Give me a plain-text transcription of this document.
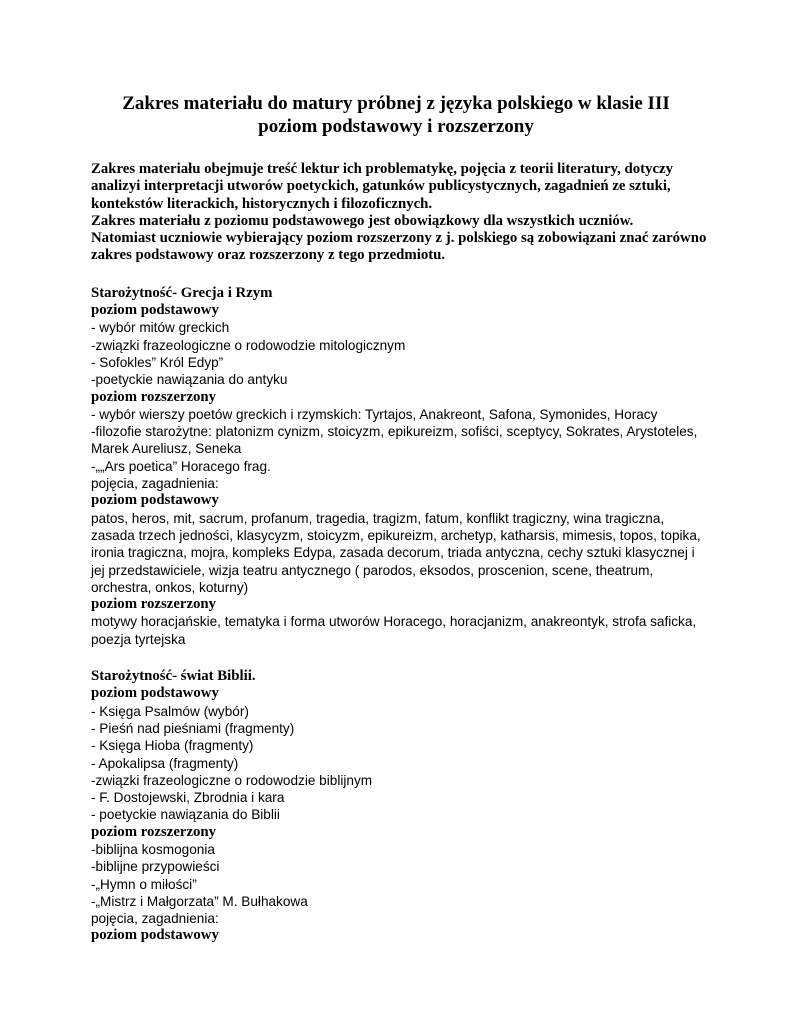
Zakres materiału do matury próbnej z języka polskiego w klasie III
poziom podstawowy i rozszerzony
Zakres materiału obejmuje treść lektur ich problematykę, pojęcia z teorii literatury, dotyczy
analizyi interpretacji utworów poetyckich, gatunków publicystycznych, zagadnień ze sztuki,
kontekstów literackich, historycznych i filozoficznych.
Zakres materiału z poziomu podstawowego jest obowiązkowy dla wszystkich uczniów.
Natomiast uczniowie wybierający poziom rozszerzony z j. polskiego są zobowiązani znać zarówno
zakres podstawowy oraz rozszerzony z tego przedmiotu.
Starożytność- Grecja i Rzym
poziom podstawowy
- wybór mitów greckich
-związki frazeologiczne o rodowodzie mitologicznym
- Sofokles” Król Edyp”
-poetyckie nawiązania do antyku
poziom rozszerzony
- wybór wierszy poetów greckich i rzymskich: Tyrtajos, Anakreont, Safona, Symonides, Horacy
-filozofie starożytne: platonizm cynizm, stoicyzm, epikureizm, sofiści, sceptycy, Sokrates, Arystoteles,
Marek Aureliusz, Seneka
-„„Ars poetica” Horacego frag.
pojęcia, zagadnienia:
poziom podstawowy
patos, heros, mit, sacrum, profanum, tragedia, tragizm, fatum, konflikt tragiczny, wina tragiczna,
zasada trzech jedności, klasycyzm, stoicyzm, epikureizm, archetyp, katharsis, mimesis, topos, topika,
ironia tragiczna, mojra, kompleks Edypa, zasada decorum, triada antyczna, cechy sztuki klasycznej i
jej przedstawiciele, wizja teatru antycznego ( parodos, eksodos, proscenion, scene, theatrum,
orchestra, onkos, koturny)
poziom rozszerzony
motywy horacjańskie, tematyka i forma utworów Horacego, horacjanizm, anakreontyk, strofa saficka,
poezja tyrtejska
Starożytność- świat Biblii.
poziom podstawowy
- Księga Psalmów (wybór)
- Pieśń nad pieśniami (fragmenty)
- Księga Hioba (fragmenty)
- Apokalipsa (fragmenty)
-związki frazeologiczne o rodowodzie biblijnym
- F. Dostojewski, Zbrodnia i kara
- poetyckie nawiązania do Biblii
poziom rozszerzony
-biblijna kosmogonia
-biblijne przypowieści
-„Hymn o miłości”
-„Mistrz i Małgorzata” M. Bułhakowa
pojęcia, zagadnienia:
poziom podstawowy
